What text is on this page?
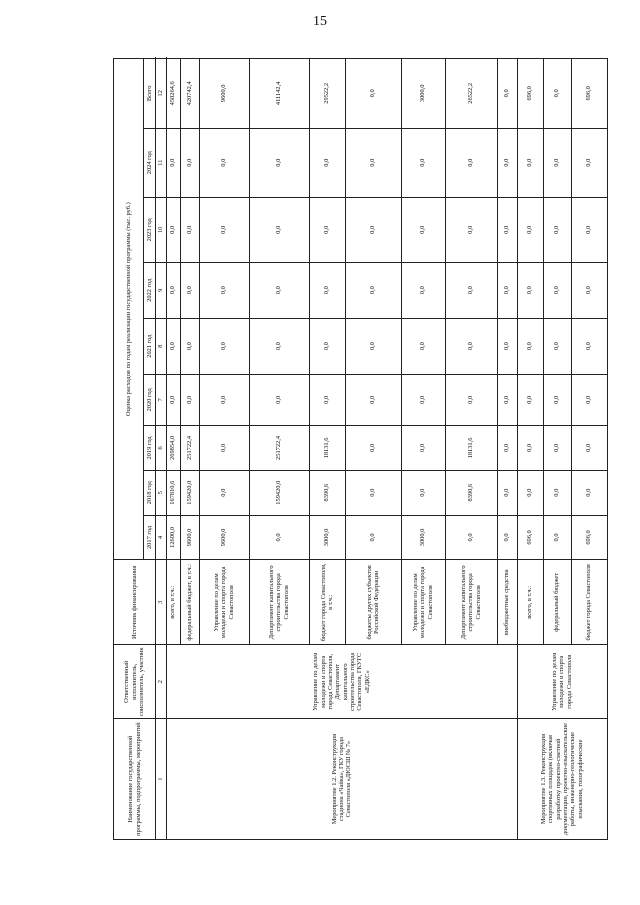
15
Наименование государственной программы, подпрограммы, мероприятий	Ответственный исполнитель, соисполнитель, участник	Источник финансирования	Оценка расходов по годам реализации государственной программы (тыс. руб.)									
			2017 год	2018 год	2019 год	2020 год	2021 год	2022 год	2023 год	2024 год	Всего	
1	2	3	4	5	6	7	8	9	10	11	12	
Мероприятие 1.2. Реконструкция стадиона «Чайка», ГКУ города Севастополя «ДЮСШ № 7»	Управление по делам молодежи и спорта города Севастополя, Департамент капитального строительства города Севастополя, ГКУГС «ЕДКС»	всего, в т.ч.:	12600,0	167810,6	269854,0	0,0	0,0	0,0	0,0	0,0	450264,6
		федеральный бюджет, в т.ч.:	9600,0	159420,0	251722,4	0,0	0,0	0,0	0,0	0,0	420742,4
		Управление по делам молодежи и спорта города Севастополя	9600,0	0,0	0,0	0,0	0,0	0,0	0,0	0,0	9600,0
		Департамент капитального строительства города Севастополя	0,0	159420,0	251722,4	0,0	0,0	0,0	0,0	0,0	411142,4
		бюджет города Севастополя, в т.ч.:	3000,0	8390,6	18131,6	0,0	0,0	0,0	0,0	0,0	29522,2
		бюджеты других субъектов Российской Федерации	0,0	0,0	0,0	0,0	0,0	0,0	0,0	0,0	0,0
		Управление по делам молодежи и спорта города Севастополя	3000,0	0,0	0,0	0,0	0,0	0,0	0,0	0,0	3000,0
		Департамент капитального строительства города Севастополя	0,0	8390,6	18131,6	0,0	0,0	0,0	0,0	0,0	26522,2
		внебюджетные средства	0,0	0,0	0,0	0,0	0,0	0,0	0,0	0,0	0,0
Мероприятие 1.3. Реконструкция спортивных площадок (включая разработку проектно-сметной документации, проектно-изыскательские работы, инженерно-геологические изыскания, топографические	Управление по делам молодежи и спорта города Севастополя	всего, в т.ч.:	696,0	0,0	0,0	0,0	0,0	0,0	0,0	0,0	696,0
		федеральный бюджет	0,0	0,0	0,0	0,0	0,0	0,0	0,0	0,0	0,0
		бюджет города Севастополя	696,0	0,0	0,0	0,0	0,0	0,0	0,0	0,0	696,0
